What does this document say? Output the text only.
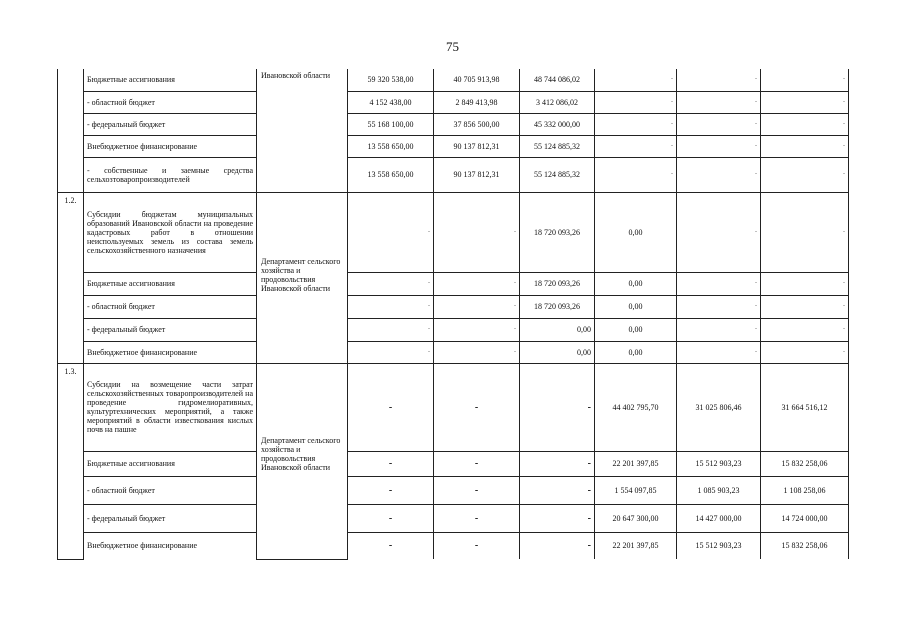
75
	Бюджетные ассигнования	Ивановской области	59 320 538,00	40 705 913,98	48 744 086,02	-	-	-
	- областной бюджет		4 152 438,00	2 849 413,98	3 412 086,02	-	-	-
	- федеральный бюджет		55 168 100,00	37 856 500,00	45 332 000,00	-	-	-
	Внебюджетное финансирование		13 558 650,00	90 137 812,31	55 124 885,32	-	-	-
	- собственные и заемные средства сельхозтоваропроизводителей		13 558 650,00	90 137 812,31	55 124 885,32	-	-	-
1.2.	Субсидии бюджетам муниципальных образований Ивановской области на проведение кадастровых работ в отношении неиспользуемых земель из состава земель сельскохозяйственного назначения	Департамент сельского хозяйства и продовольствия Ивановской области	-	-	18 720 093,26	0,00	-	-
	Бюджетные ассигнования		-	-	18 720 093,26	0,00	-	-
	- областной бюджет		-	-	18 720 093,26	0,00	-	-
	- федеральный бюджет		-	-	0,00	0,00	-	-
	Внебюджетное финансирование		-	-	0,00	0,00	-	-
1.3.	Субсидии на возмещение части затрат сельскохозяйственных товаропроизводителей на проведение гидромелиоративных, культуртехнических мероприятий, а также мероприятий в области известкования кислых почв на пашне	Департамент сельского хозяйства и продовольствия Ивановской области	-	-	-	44 402 795,70	31 025 806,46	31 664 516,12
	Бюджетные ассигнования		-	-	-	22 201 397,85	15 512 903,23	15 832 258,06
	- областной бюджет		-	-	-	1 554 097,85	1 085 903,23	1 108 258,06
	- федеральный бюджет		-	-	-	20 647 300,00	14 427 000,00	14 724 000,00
	Внебюджетное финансирование		-	-	-	22 201 397,85	15 512 903,23	15 832 258,06
